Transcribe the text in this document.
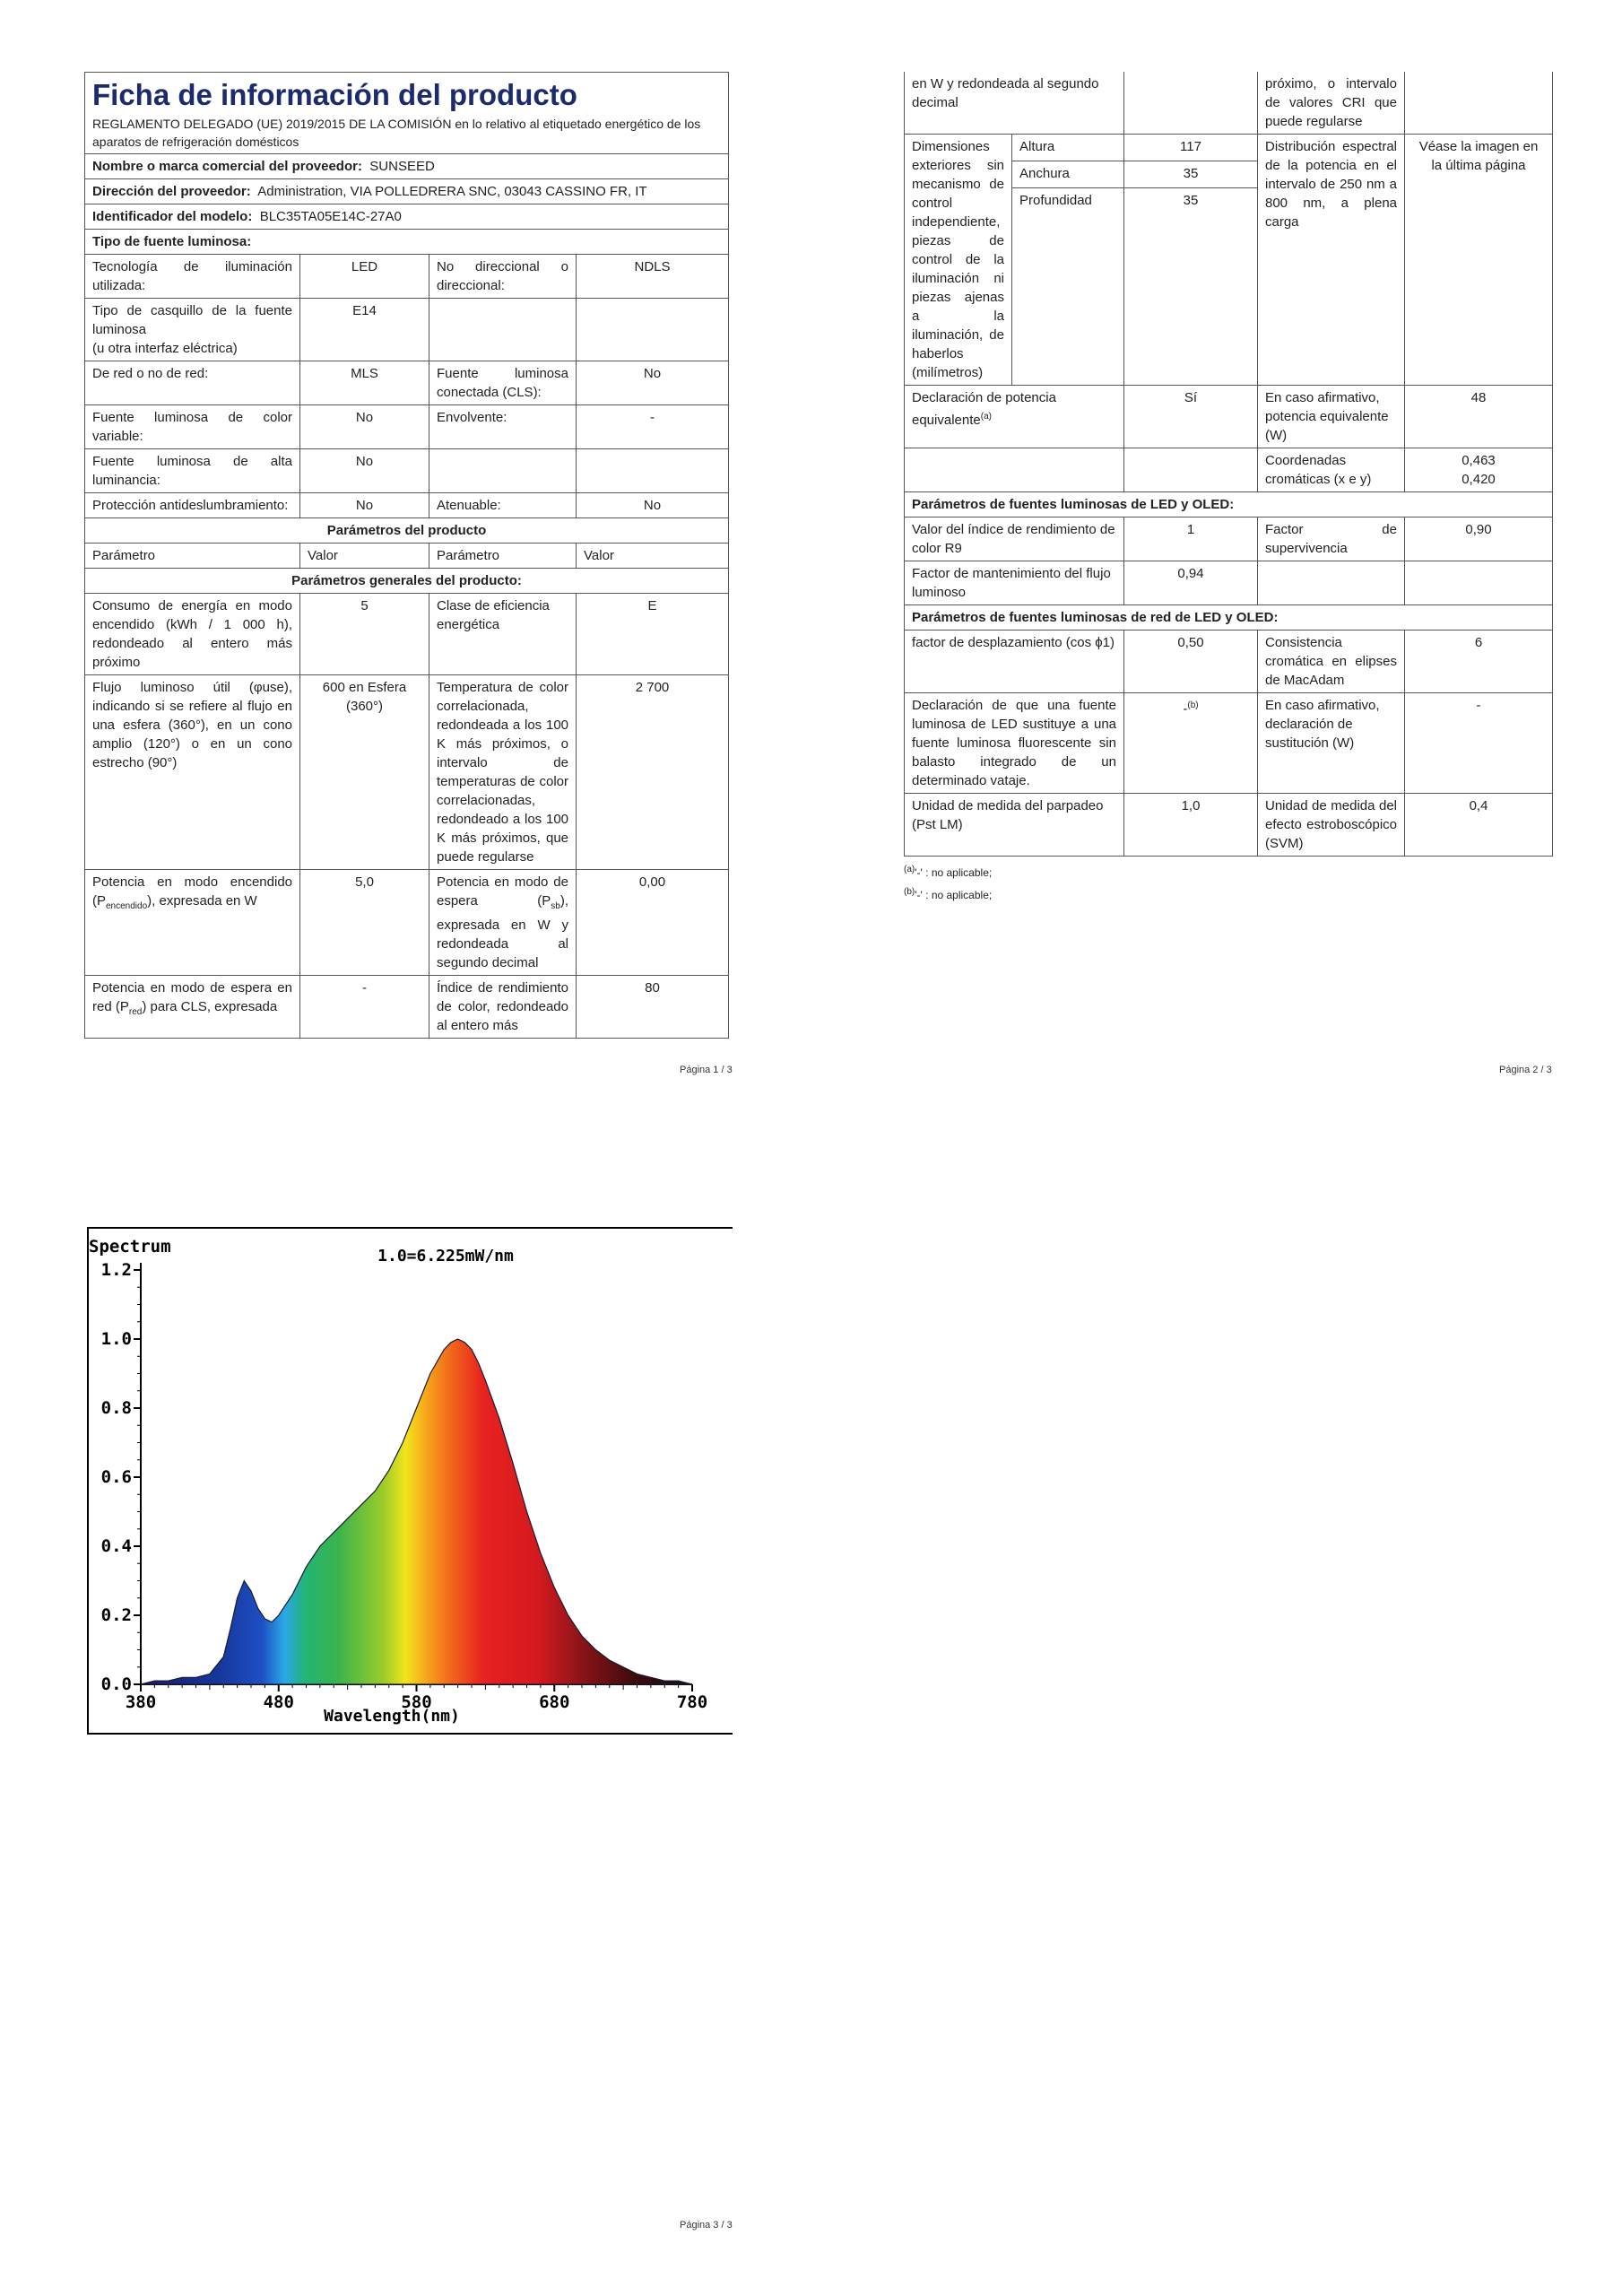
Ficha de información del producto
REGLAMENTO DELEGADO (UE) 2019/2015 DE LA COMISIÓN en lo relativo al etiquetado energético de los aparatos de refrigeración domésticos			

Nombre o marca comercial del proveedor: SUNSEED			
Dirección del proveedor: Administration, VIA POLLEDRERA SNC, 03043 CASSINO FR, IT			
Identificador del modelo: BLC35TA05E14C-27A0			
Tipo de fuente luminosa:			
Tecnología de iluminación utilizada:	LED	No direccional o direccional:	NDLS

Tipo de casquillo de la fuente luminosa
(u otra interfaz eléctrica)	E14		
De red o no de red:	MLS	Fuente luminosa conectada (CLS):	No
Fuente luminosa de color variable:	No	Envolvente:	-
Fuente luminosa de alta luminancia:	No		
Protección antideslumbramiento:	No	Atenuable:	No
Parámetros del producto			
Parámetro	Valor	Parámetro	Valor
Parámetros generales del producto:			
Consumo de energía en modo encendido (kWh / 1 000 h), redondeado al entero más próximo	5	Clase de eficiencia energética	E
Flujo luminoso útil (φuse), indicando si se refiere al flujo en una esfera (360°), en un cono amplio (120°) o en un cono estrecho (90°)	600 en Esfera (360°)	Temperatura de color correlacionada, redondeada a los 100 K más próximos, o intervalo de temperaturas de color correlacionadas, redondeado a los 100 K más próximos, que puede regularse	2 700
Potencia en modo encendido $(P_{encendido})$, expresada en W	5,0	Potencia en modo de espera $(P_{sb})$, expresada en W y redondeada al segundo decimal	0,00
Potencia en modo de espera en red $(P_{red})$ para CLS, expresada	-	Índice de rendimiento de color, redondeado al entero más	80
Página 1 / 3
en W y redondeada al segundo decimal			próximo, o intervalo de valores CRI que puede regularse	
Dimensiones exteriores sin mecanismo de control independiente, piezas de control de la iluminación ni piezas ajenas a la iluminación, de haberlos (milímetros)	Altura	117	Distribución espectral de la potencia en el intervalo de 250 nm a 800 nm, a plena carga	Véase la imagen en la última página
	Anchura	35		
	Profundidad	35		
Declaración de potencia equivalente$^{(a)}$		Sí	En caso afirmativo, potencia equivalente (W)	48
			Coordenadas cromáticas (x e y)	0,463
0,420

Parámetros de fuentes luminosas de LED y OLED:				
Valor del índice de rendimiento de color R9		1	Factor de supervivencia	0,90
Factor de mantenimiento del flujo luminoso		0,94		
Parámetros de fuentes luminosas de red de LED y OLED:				
factor de desplazamiento (cos ϕ1)		0,50	Consistencia cromática en elipses de MacAdam	6
Declaración de que una fuente luminosa de LED sustituye a una fuente luminosa fluorescente sin balasto integrado de un determinado vataje.		-$^{(b)}$	En caso afirmativo, declaración de sustitución (W)	-
Unidad de medida del parpadeo (Pst LM)		1,0	Unidad de medida del efecto estroboscópico (SVM)	0,4
$^{(a)}$'-' : no aplicable;
$^{(b)}$'-' : no aplicable;
Página 2 / 3
Spectrum	1.0=6.225mW/nm
0.0
0.2
0.4
0.6
0.8
1.0
1.2
380	480	580	680	780
Wavelength(nm)
Página 3 / 3
